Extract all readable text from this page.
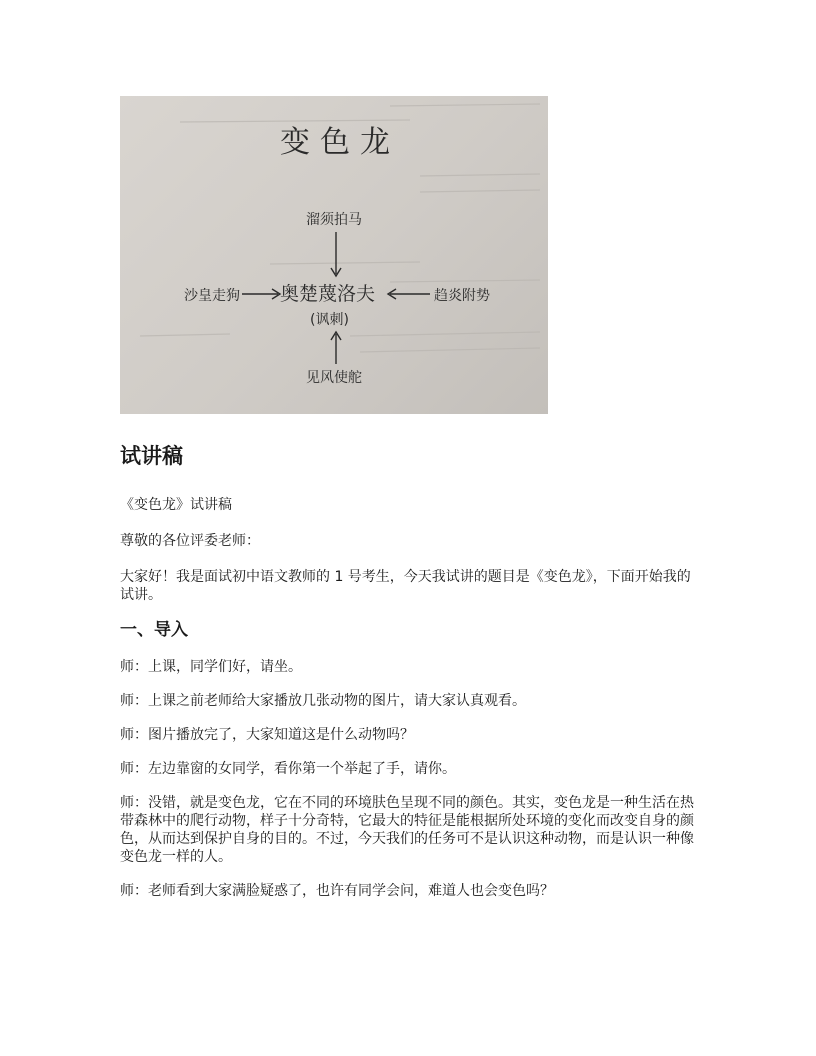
变色龙
溜须拍马
沙皇走狗 奥楚蔑洛夫	趋炎附势
(讽刺)
见风使舵
试讲稿

《变色龙》试讲稿

尊敬的各位评委老师：

大家好！我是面试初中语文教师的 1 号考生，今天我试讲的题目是《变色龙》，下面开始我的试讲。

一、导入

师：上课，同学们好，请坐。

师：上课之前老师给大家播放几张动物的图片，请大家认真观看。

师：图片播放完了，大家知道这是什么动物吗？

师：左边靠窗的女同学，看你第一个举起了手，请你。

师：没错，就是变色龙，它在不同的环境肤色呈现不同的颜色。其实，变色龙是一种生活在热带森林中的爬行动物，样子十分奇特，它最大的特征是能根据所处环境的变化而改变自身的颜色，从而达到保护自身的目的。不过，今天我们的任务可不是认识这种动物，而是认识一种像变色龙一样的人。

师：老师看到大家满脸疑惑了，也许有同学会问，难道人也会变色吗？
